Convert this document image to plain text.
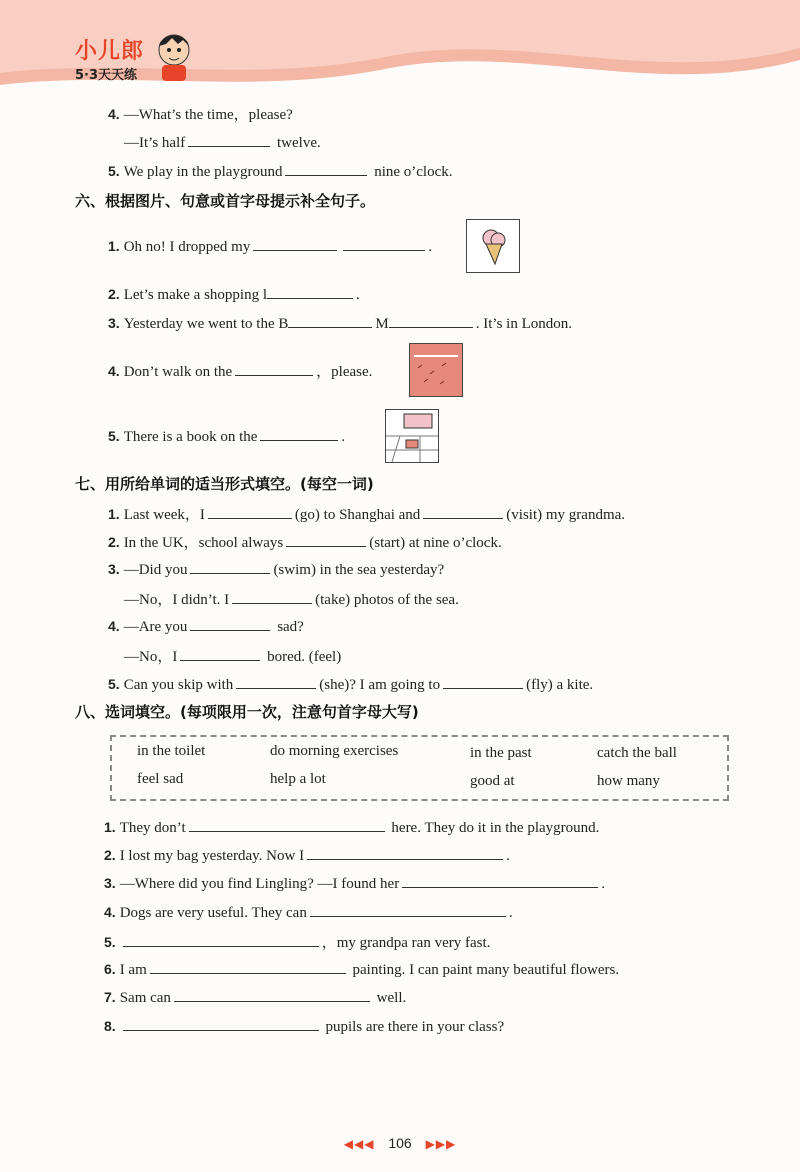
小儿郎
5·3天天练
4. —What’s the time，please?
—It’s half	twelve.
5. We play in the playground	nine o’clock.
六、根据图片、句意或首字母提示补全句子。
1. Oh no! I dropped my	.
2. Let’s make a shopping l	.
3. Yesterday we went to the B	M	. It’s in London.
4. Don’t walk on the	，please.
5. There is a book on the	.
七、用所给单词的适当形式填空。(每空一词)
1. Last week，I	(go) to Shanghai and	(visit) my grandma.
2. In the UK，school always	(start) at nine o’clock.
3. —Did you	(swim) in the sea yesterday?
—No，I didn’t. I	(take) photos of the sea.
4. —Are you	sad?
—No，I	bored. (feel)
5. Can you skip with	(she)? I am going to	(fly) a kite.
八、选词填空。(每项限用一次，注意句首字母大写)
in the toilet	do morning exercises	in the past	catch the ball
feel sad	help a lot	good at	how many
1. They don’t	here. They do it in the playground.
2. I lost my bag yesterday. Now I	.
3. —Where did you find Lingling? —I found her	.
4. Dogs are very useful. They can	.
5.	，my grandpa ran very fast.
6. I am	painting. I can paint many beautiful flowers.
7. Sam can	well.
8.	pupils are there in your class?
◀◀◀ 106 ▶▶▶
